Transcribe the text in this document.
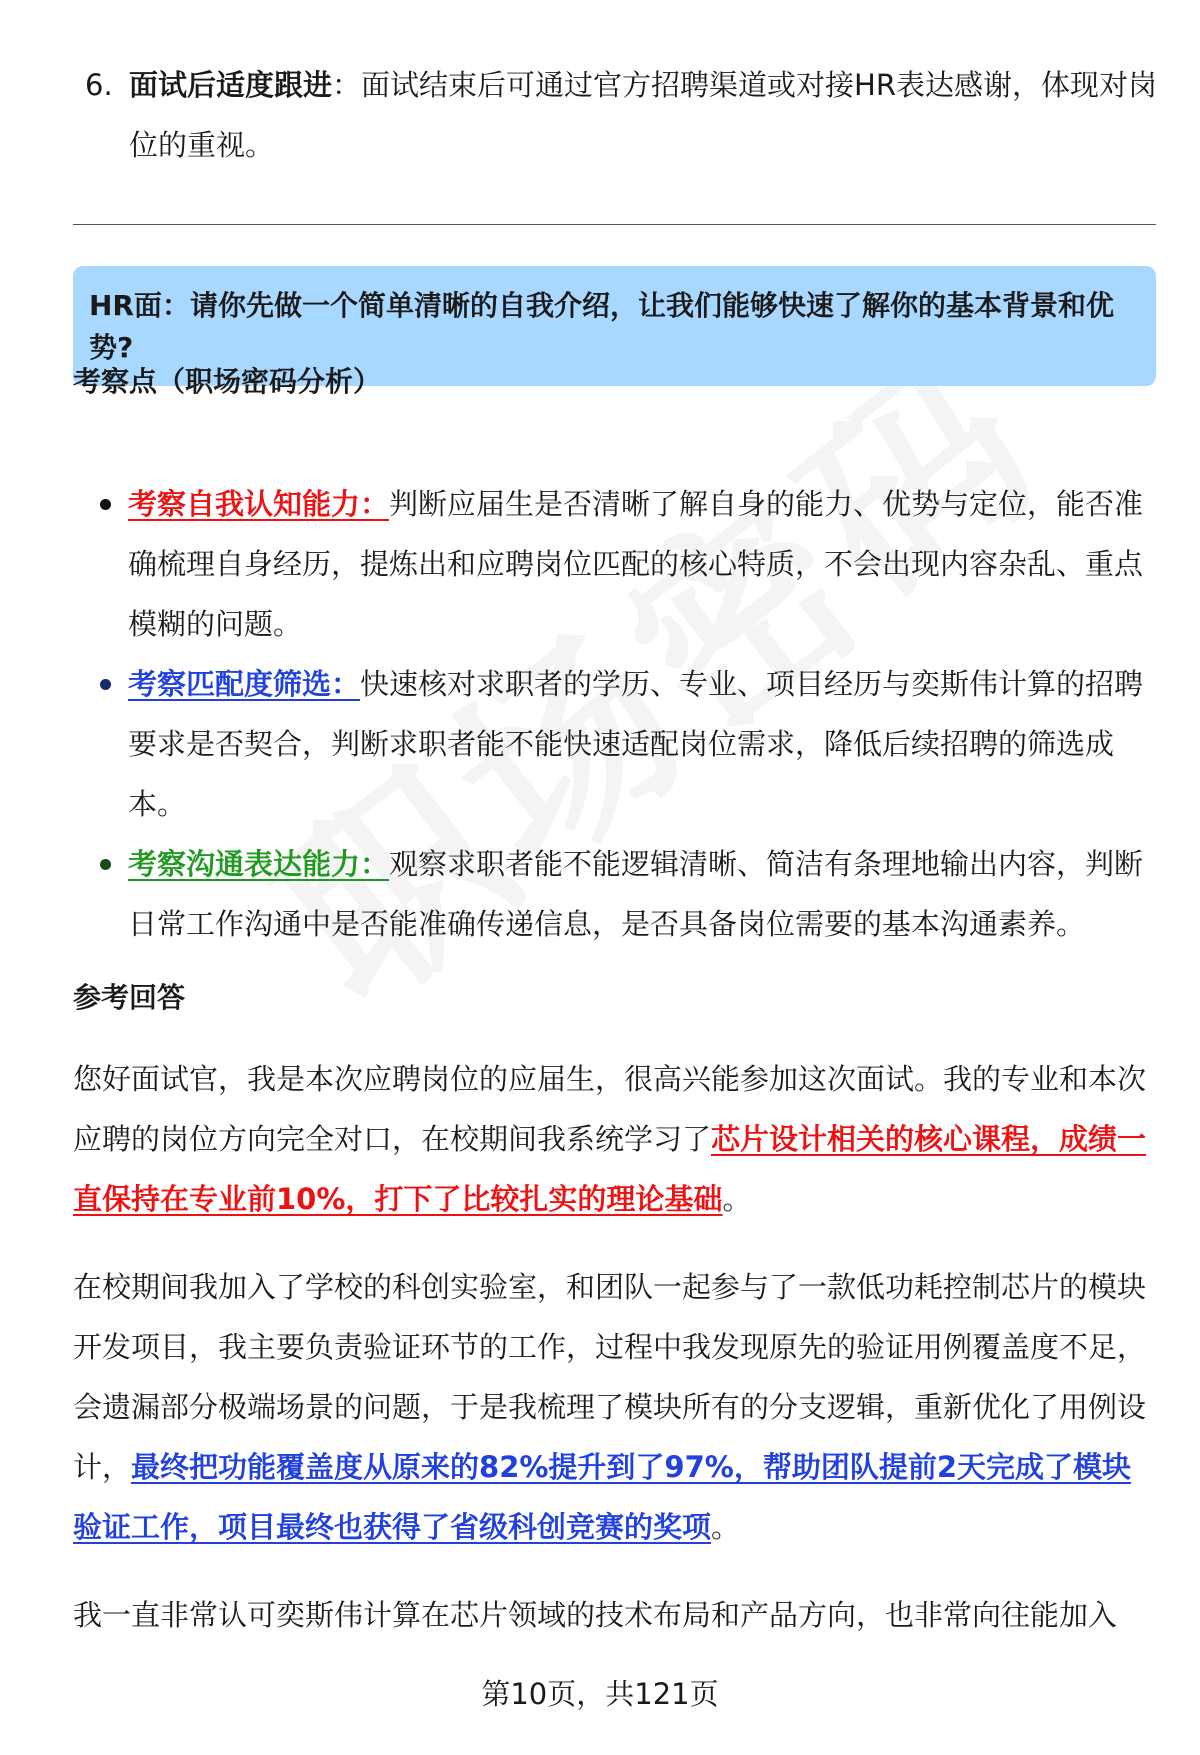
6. 面试后适度跟进：面试结束后可通过官方招聘渠道或对接HR表达感谢，体现对岗位的重视。
HR面：请你先做一个简单清晰的自我介绍，让我们能够快速了解你的基本背景和优势?
考察点（职场密码分析）
考察自我认知能力：判断应届生是否清晰了解自身的能力、优势与定位，能否准确梳理自身经历，提炼出和应聘岗位匹配的核心特质，不会出现内容杂乱、重点模糊的问题。
考察匹配度筛选：快速核对求职者的学历、专业、项目经历与奕斯伟计算的招聘要求是否契合，判断求职者能不能快速适配岗位需求，降低后续招聘的筛选成本。
考察沟通表达能力：观察求职者能不能逻辑清晰、简洁有条理地输出内容，判断日常工作沟通中是否能准确传递信息，是否具备岗位需要的基本沟通素养。
参考回答
您好面试官，我是本次应聘岗位的应届生，很高兴能参加这次面试。我的专业和本次应聘的岗位方向完全对口，在校期间我系统学习了芯片设计相关的核心课程，成绩一直保持在专业前10%，打下了比较扎实的理论基础。
在校期间我加入了学校的科创实验室，和团队一起参与了一款低功耗控制芯片的模块开发项目，我主要负责验证环节的工作，过程中我发现原先的验证用例覆盖度不足，会遗漏部分极端场景的问题，于是我梳理了模块所有的分支逻辑，重新优化了用例设计，最终把功能覆盖度从原来的82%提升到了97%，帮助团队提前2天完成了模块验证工作，项目最终也获得了省级科创竞赛的奖项。
我一直非常认可奕斯伟计算在芯片领域的技术布局和产品方向，也非常向往能加入
第10页，共121页
